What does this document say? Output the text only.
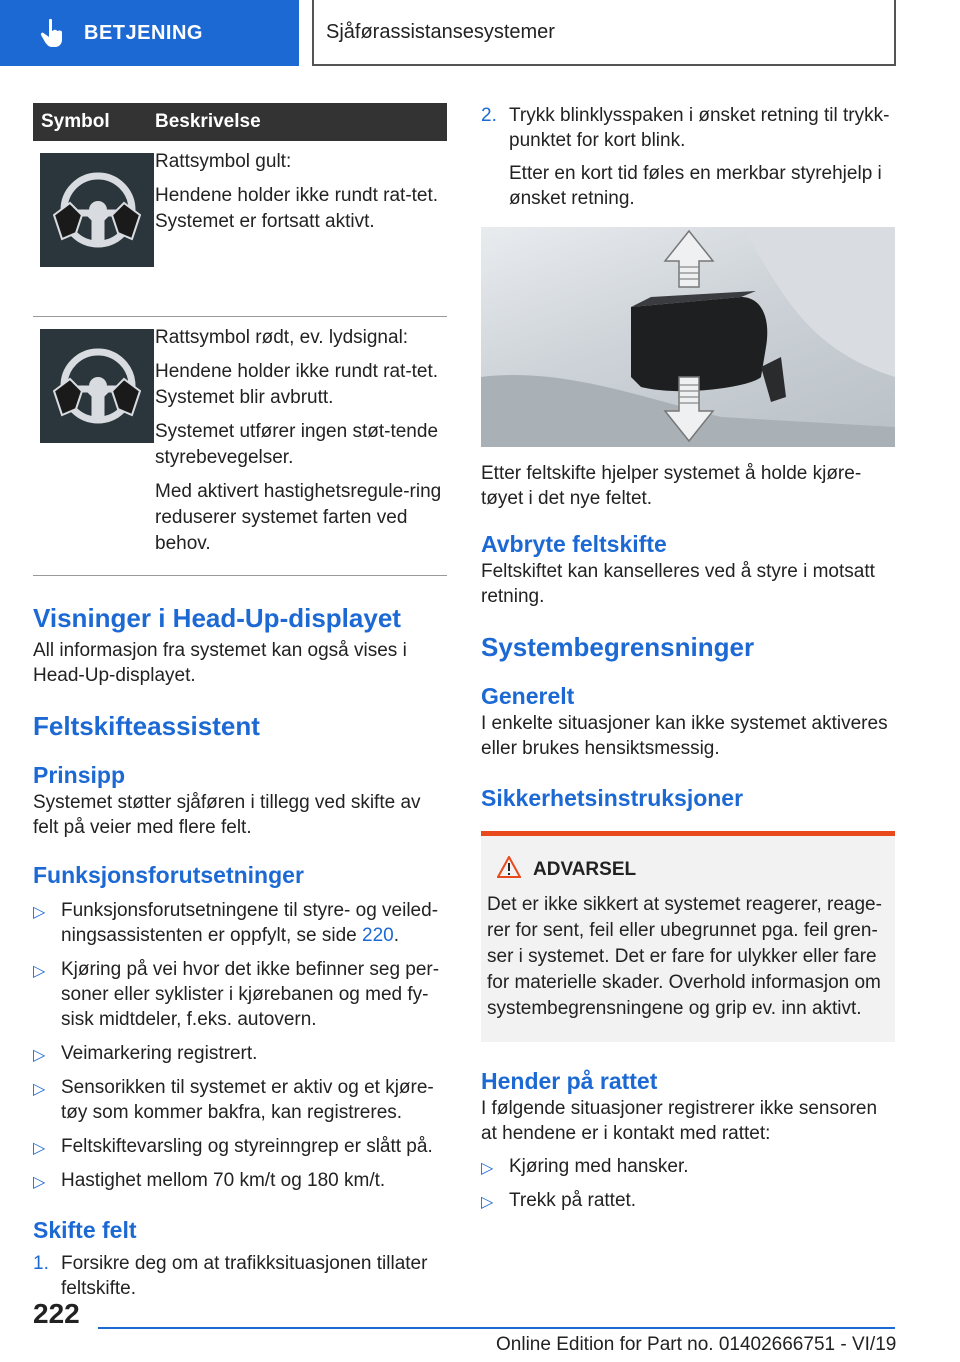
BETJENING	Sjåførassistansesystemer
Symbol	Beskrivelse

Rattsymbol gult:

Hendene holder ikke rundt rat-tet. Systemet er fortsatt aktivt.

Rattsymbol rødt, ev. lydsignal:

Hendene holder ikke rundt rat-tet. Systemet blir avbrutt.

Systemet utfører ingen støt-tende styrebevegelser.

Med aktivert hastighetsregule-ring reduserer systemet farten ved behov.

Visninger i Head-Up-displayet

All informasjon fra systemet kan også vises i Head-Up-displayet.

Feltskifteassistent
Prinsipp

Systemet støtter sjåføren i tillegg ved skifte av felt på veier med flere felt.

Funksjonsforutsetninger
▷ Funksjonsforutsetningene til styre- og veiled-ningsassistenten er oppfylt, se side 220.
▷ Kjøring på vei hvor det ikke befinner seg per-soner eller syklister i kjørebanen og med fy-sisk midtdeler, f.eks. autovern.
▷ Veimarkering registrert.
▷ Sensorikken til systemet er aktiv og et kjøre-tøy som kommer bakfra, kan registreres.
▷ Feltskiftevarsling og styreinngrep er slått på.
▷ Hastighet mellom 70 km/t og 180 km/t.
Skifte felt
1. Forsikre deg om at trafikksituasjonen tillater feltskifte.
2. Trykk blinklysspaken i ønsket retning til trykk-punktet for kort blink.

Etter en kort tid føles en merkbar styrehjelp i ønsket retning.

Etter feltskifte hjelper systemet å holde kjøre-tøyet i det nye feltet.

Avbryte feltskifte

Feltskiftet kan kanselleres ved å styre i motsatt retning.

Systembegrensninger
Generelt

I enkelte situasjoner kan ikke systemet aktiveres eller brukes hensiktsmessig.

Sikkerhetsinstruksjoner
ADVARSEL

Det er ikke sikkert at systemet reagerer, reage-rer for sent, feil eller ubegrunnet pga. feil gren-ser i systemet. Det er fare for ulykker eller fare for materielle skader. Overhold informasjon om systembegrensningene og grip ev. inn aktivt.

Hender på rattet

I følgende situasjoner registrerer ikke sensoren at hendene er i kontakt med rattet:

▷ Kjøring med hansker.
▷ Trekk på rattet.
222
Online Edition for Part no. 01402666751 - VI/19
